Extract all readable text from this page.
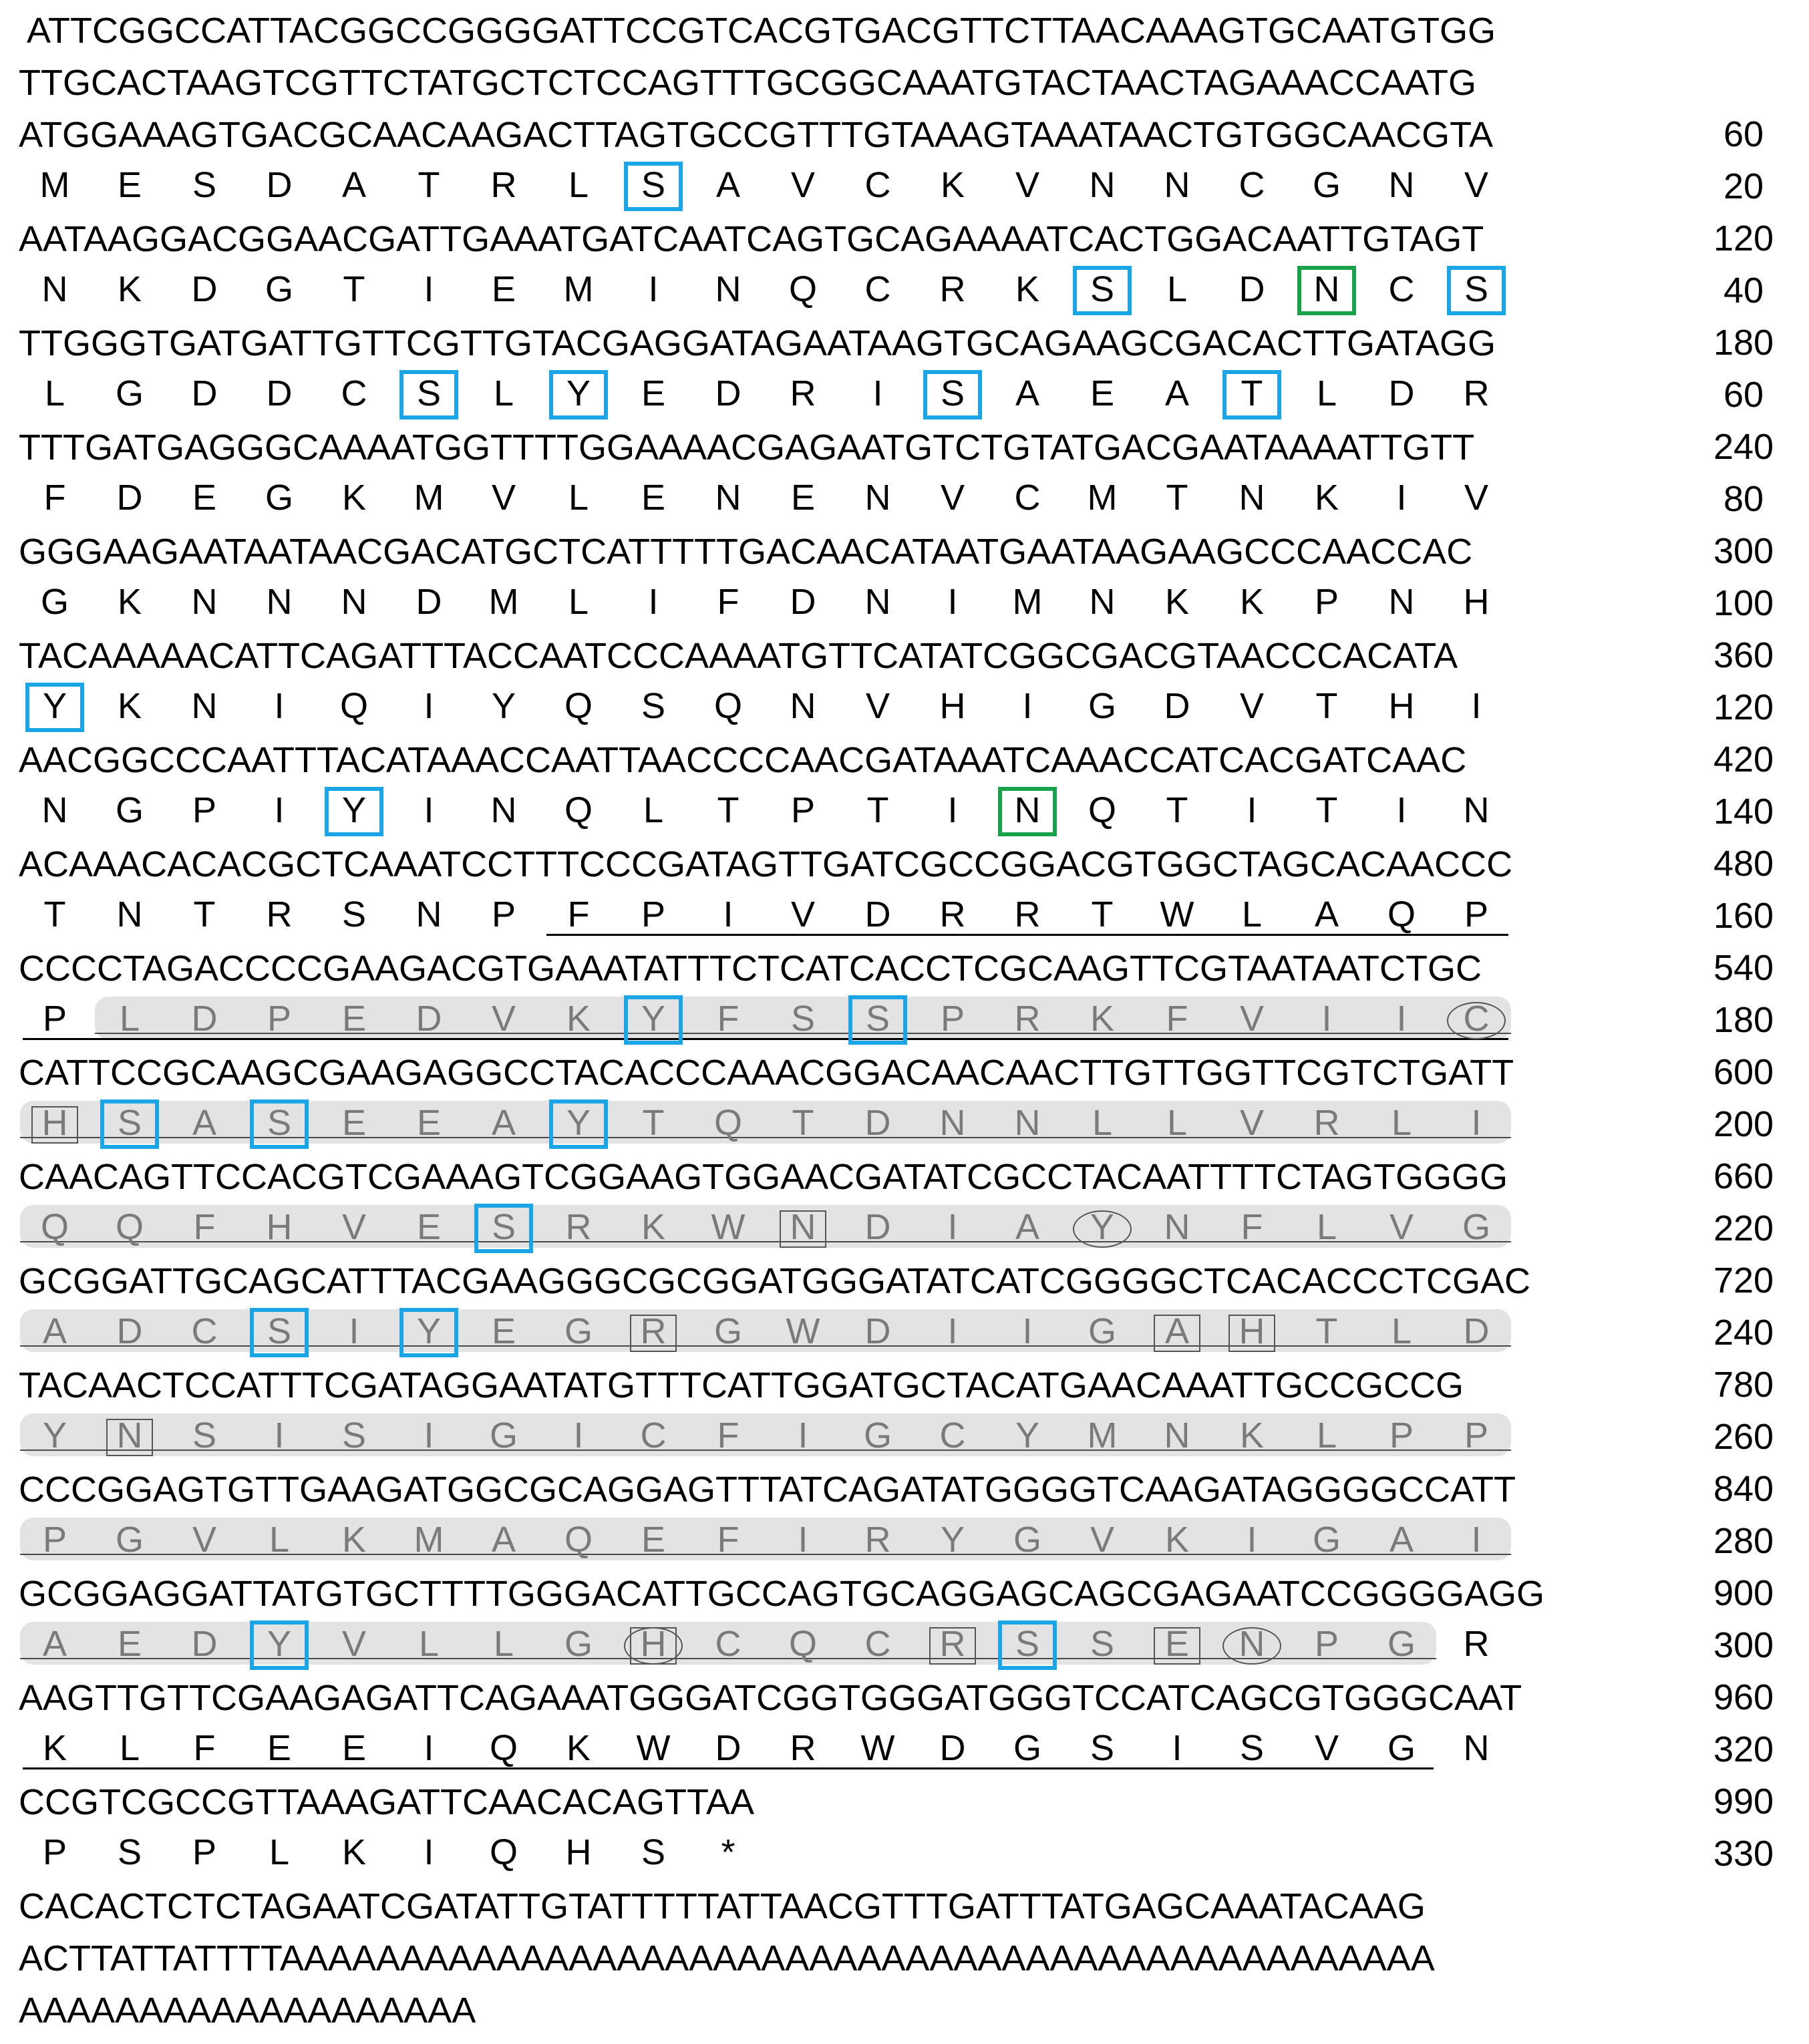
ATTCGGCCATTACGGCCGGGGATTCCGTCACGTGACGTTCTTAACAAAGTGCAATGTGG
TTGCACTAAGTCGTTCTATGCTCTCCAGTTTGCGGCAAATGTACTAACTAGAAACCAATG
ATGGAAAGTGACGCAACAAGACTTAGTGCCGTTTGTAAAGTAAATAACTGTGGCAACGTA	60
M	E	S	D	A	T	R	L	S	A	V	C	K	V	N	N	C	G	N	V	20
AATAAGGACGGAACGATTGAAATGATCAATCAGTGCAGAAAATCACTGGACAATTGTAGT	120
N	K	D	G	T	I	E	M	I	N	Q	C	R	K	S	L	D	N	C	S	40
TTGGGTGATGATTGTTCGTTGTACGAGGATAGAATAAGTGCAGAAGCGACACTTGATAGG	180
L	G	D	D	C	S	L	Y	E	D	R	I	S	A	E	A	T	L	D	R	60
TTTGATGAGGGCAAAATGGTTTTGGAAAACGAGAATGTCTGTATGACGAATAAAATTGTT	240
F	D	E	G	K	M	V	L	E	N	E	N	V	C	M	T	N	K	I	V	80
GGGAAGAATAATAACGACATGCTCATTTTTGACAACATAATGAATAAGAAGCCCAACCAC	300
G	K	N	N	N	D	M	L	I	F	D	N	I	M	N	K	K	P	N	H	100
TACAAAAACATTCAGATTTACCAATCCCAAAATGTTCATATCGGCGACGTAACCCACATA	360
Y	K	N	I	Q	I	Y	Q	S	Q	N	V	H	I	G	D	V	T	H	I	120
AACGGCCCAATTTACATAAACCAATTAACCCCAACGATAAATCAAACCATCACGATCAAC	420
N	G	P	I	Y	I	N	Q	L	T	P	T	I	N	Q	T	I	T	I	N	140
ACAAACACACGCTCAAATCCTTTCCCGATAGTTGATCGCCGGACGTGGCTAGCACAACCC	480
T	N	T	R	S	N	P	F	P	I	V	D	R	R	T	W	L	A	Q	P	160
CCCCTAGACCCCGAAGACGTGAAATATTTCTCATCACCTCGCAAGTTCGTAATAATCTGC	540
P	L	D	P	E	D	V	K	Y	F	S	S	P	R	K	F	V	I	I	C	180
CATTCCGCAAGCGAAGAGGCCTACACCCAAACGGACAACAACTTGTTGGTTCGTCTGATT	600
H	S	A	S	E	E	A	Y	T	Q	T	D	N	N	L	L	V	R	L	I	200
CAACAGTTCCACGTCGAAAGTCGGAAGTGGAACGATATCGCCTACAATTTTCTAGTGGGG	660
Q	Q	F	H	V	E	S	R	K	W	N	D	I	A	Y	N	F	L	V	G	220
GCGGATTGCAGCATTTACGAAGGGCGCGGATGGGATATCATCGGGGCTCACACCCTCGAC	720
A	D	C	S	I	Y	E	G	R	G	W	D	I	I	G	A	H	T	L	D	240
TACAACTCCATTTCGATAGGAATATGTTTCATTGGATGCTACATGAACAAATTGCCGCCG	780
Y	N	S	I	S	I	G	I	C	F	I	G	C	Y	M	N	K	L	P	P	260
CCCGGAGTGTTGAAGATGGCGCAGGAGTTTATCAGATATGGGGTCAAGATAGGGGCCATT	840
P	G	V	L	K	M	A	Q	E	F	I	R	Y	G	V	K	I	G	A	I	280
GCGGAGGATTATGTGCTTTTGGGACATTGCCAGTGCAGGAGCAGCGAGAATCCGGGGAGG	900
A	E	D	Y	V	L	L	G	H	C	Q	C	R	S	S	E	N	P	G	R	300
AAGTTGTTCGAAGAGATTCAGAAATGGGATCGGTGGGATGGGTCCATCAGCGTGGGCAAT	960
K	L	F	E	E	I	Q	K	W	D	R	W	D	G	S	I	S	V	G	N	320
CCGTCGCCGTTAAAGATTCAACACAGTTAA	990
P	S	P	L	K	I	Q	H	S	*	330
CACACTCTCTAGAATCGATATTGTATTTTTATTAACGTTTGATTTATGAGCAAATACAAG
ACTTATTATTTTAAAAAAAAAAAAAAAAAAAAAAAAAAAAAAAAAAAAAAAAAAAAAAAA
AAAAAAAAAAAAAAAAAAA
